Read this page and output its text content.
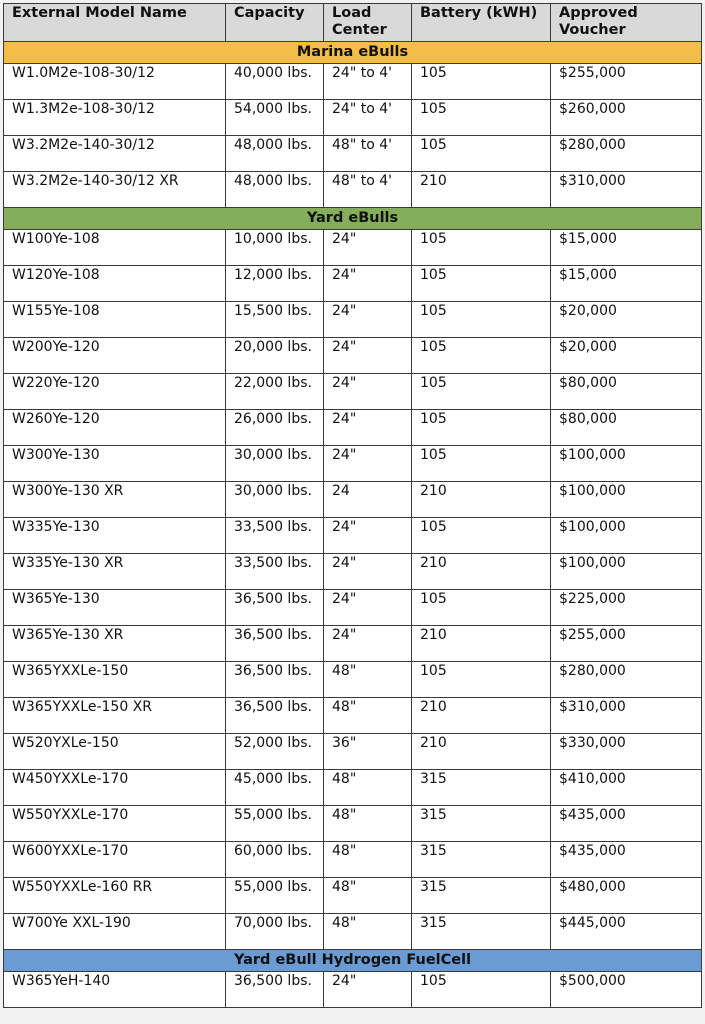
External Model Name	Capacity	Load Center	Battery (kWH)	Approved Voucher
Marina eBulls				
W1.0M2e-108-30/12	40,000 lbs.	24" to 4'	105	$255,000
W1.3M2e-108-30/12	54,000 lbs.	24" to 4'	105	$260,000
W3.2M2e-140-30/12	48,000 lbs.	48" to 4'	105	$280,000
W3.2M2e-140-30/12 XR	48,000 lbs.	48" to 4'	210	$310,000
Yard eBulls				
W100Ye-108	10,000 lbs.	24"	105	$15,000
W120Ye-108	12,000 lbs.	24"	105	$15,000
W155Ye-108	15,500 lbs.	24"	105	$20,000
W200Ye-120	20,000 lbs.	24"	105	$20,000
W220Ye-120	22,000 lbs.	24"	105	$80,000
W260Ye-120	26,000 lbs.	24"	105	$80,000
W300Ye-130	30,000 lbs.	24"	105	$100,000
W300Ye-130 XR	30,000 lbs.	24	210	$100,000
W335Ye-130	33,500 lbs.	24"	105	$100,000
W335Ye-130 XR	33,500 lbs.	24"	210	$100,000
W365Ye-130	36,500 lbs.	24"	105	$225,000
W365Ye-130 XR	36,500 lbs.	24"	210	$255,000
W365YXXLe-150	36,500 lbs.	48"	105	$280,000
W365YXXLe-150 XR	36,500 lbs.	48"	210	$310,000
W520YXLe-150	52,000 lbs.	36"	210	$330,000
W450YXXLe-170	45,000 lbs.	48"	315	$410,000
W550YXXLe-170	55,000 lbs.	48"	315	$435,000
W600YXXLe-170	60,000 lbs.	48"	315	$435,000
W550YXXLe-160 RR	55,000 lbs.	48"	315	$480,000
W700Ye XXL-190	70,000 lbs.	48"	315	$445,000
Yard eBull Hydrogen FuelCell				
W365YeH-140	36,500 lbs.	24"	105	$500,000
